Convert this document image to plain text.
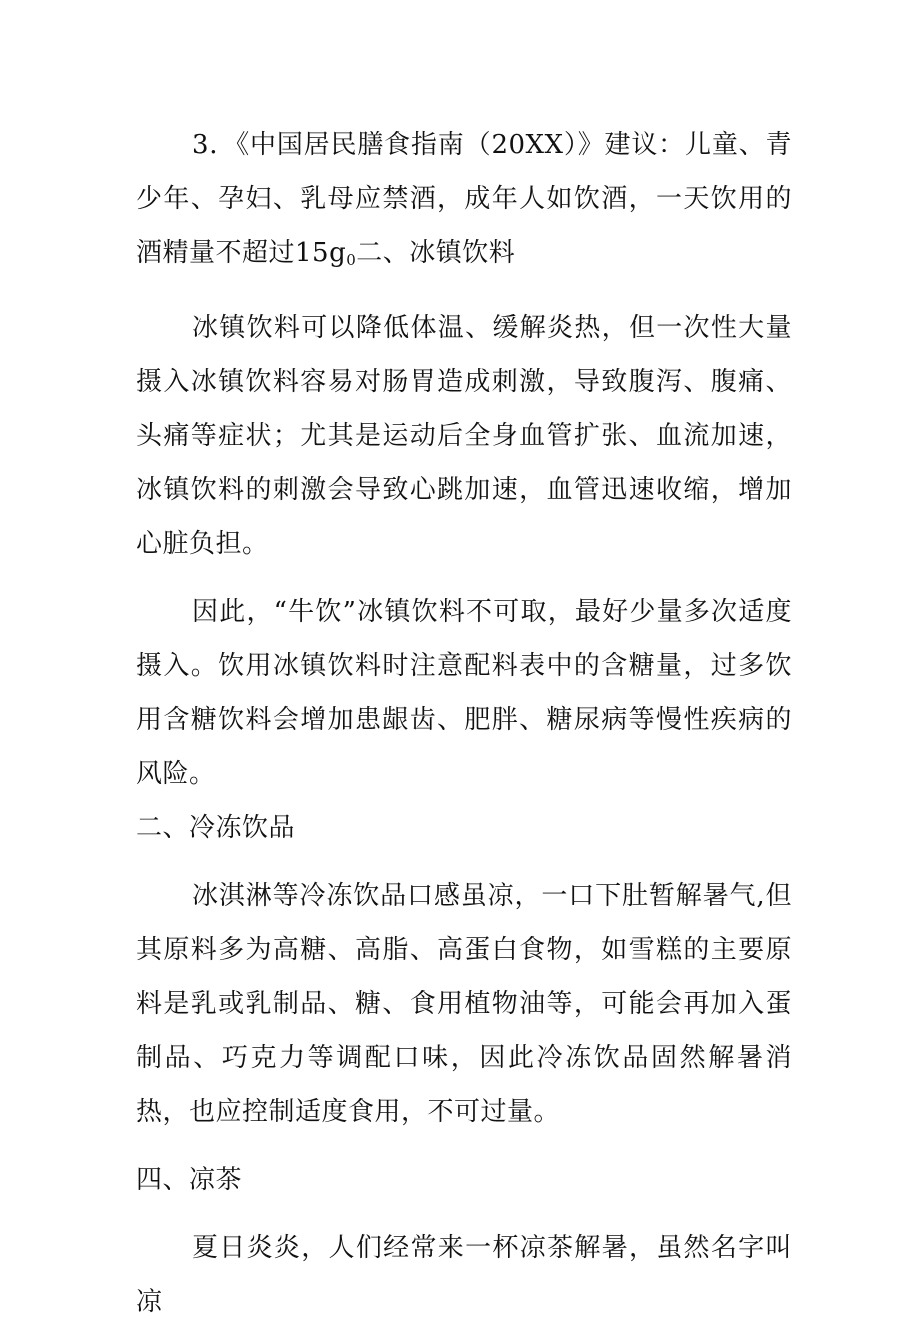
3．《中国居民膳食指南（20XX）》建议：儿童、青少年、孕妇、乳母应禁酒，成年人如饮酒，一天饮用的酒精量不超过$15g_0$二、冰镇饮料

冰镇饮料可以降低体温、缓解炎热，但一次性大量摄入冰镇饮料容易对肠胃造成刺激，导致腹泻、腹痛、头痛等症状；尤其是运动后全身血管扩张、血流加速，冰镇饮料的刺激会导致心跳加速，血管迅速收缩，增加心脏负担。

因此，“牛饮”冰镇饮料不可取，最好少量多次适度摄入。饮用冰镇饮料时注意配料表中的含糖量，过多饮用含糖饮料会增加患龈齿、肥胖、糖尿病等慢性疾病的风险。

二、冷冻饮品

冰淇淋等冷冻饮品口感虽凉，一口下肚暂解暑气,但其原料多为高糖、高脂、高蛋白食物，如雪糕的主要原料是乳或乳制品、糖、食用植物油等，可能会再加入蛋制品、巧克力等调配口味，因此冷冻饮品固然解暑消热，也应控制适度食用，不可过量。

四、凉茶

夏日炎炎，人们经常来一杯凉茶解暑，虽然名字叫凉
